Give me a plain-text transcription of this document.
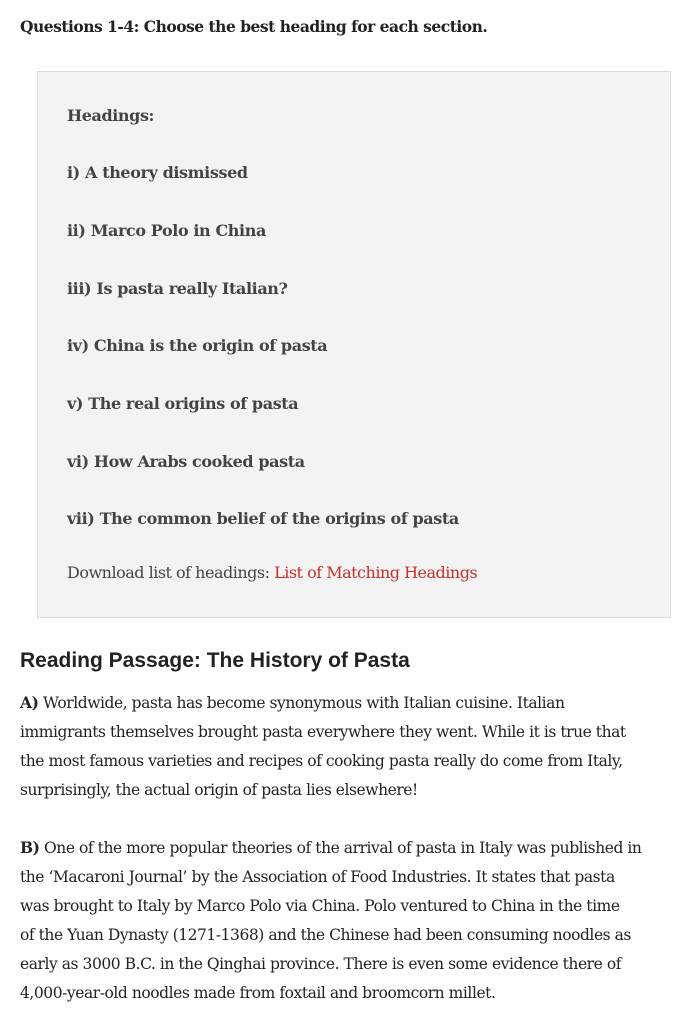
Questions 1-4: Choose the best heading for each section.
Headings:
i) A theory dismissed
ii) Marco Polo in China
iii) Is pasta really Italian?
iv) China is the origin of pasta
v) The real origins of pasta
vi) How Arabs cooked pasta
vii) The common belief of the origins of pasta
Download list of headings: List of Matching Headings
Reading Passage: The History of Pasta
A) Worldwide, pasta has become synonymous with Italian cuisine. Italian
immigrants themselves brought pasta everywhere they went. While it is true that
the most famous varieties and recipes of cooking pasta really do come from Italy,
surprisingly, the actual origin of pasta lies elsewhere!
B) One of the more popular theories of the arrival of pasta in Italy was published in
the ‘Macaroni Journal’ by the Association of Food Industries. It states that pasta
was brought to Italy by Marco Polo via China. Polo ventured to China in the time
of the Yuan Dynasty (1271-1368) and the Chinese had been consuming noodles as
early as 3000 B.C. in the Qinghai province. There is even some evidence there of
4,000-year-old noodles made from foxtail and broomcorn millet.
